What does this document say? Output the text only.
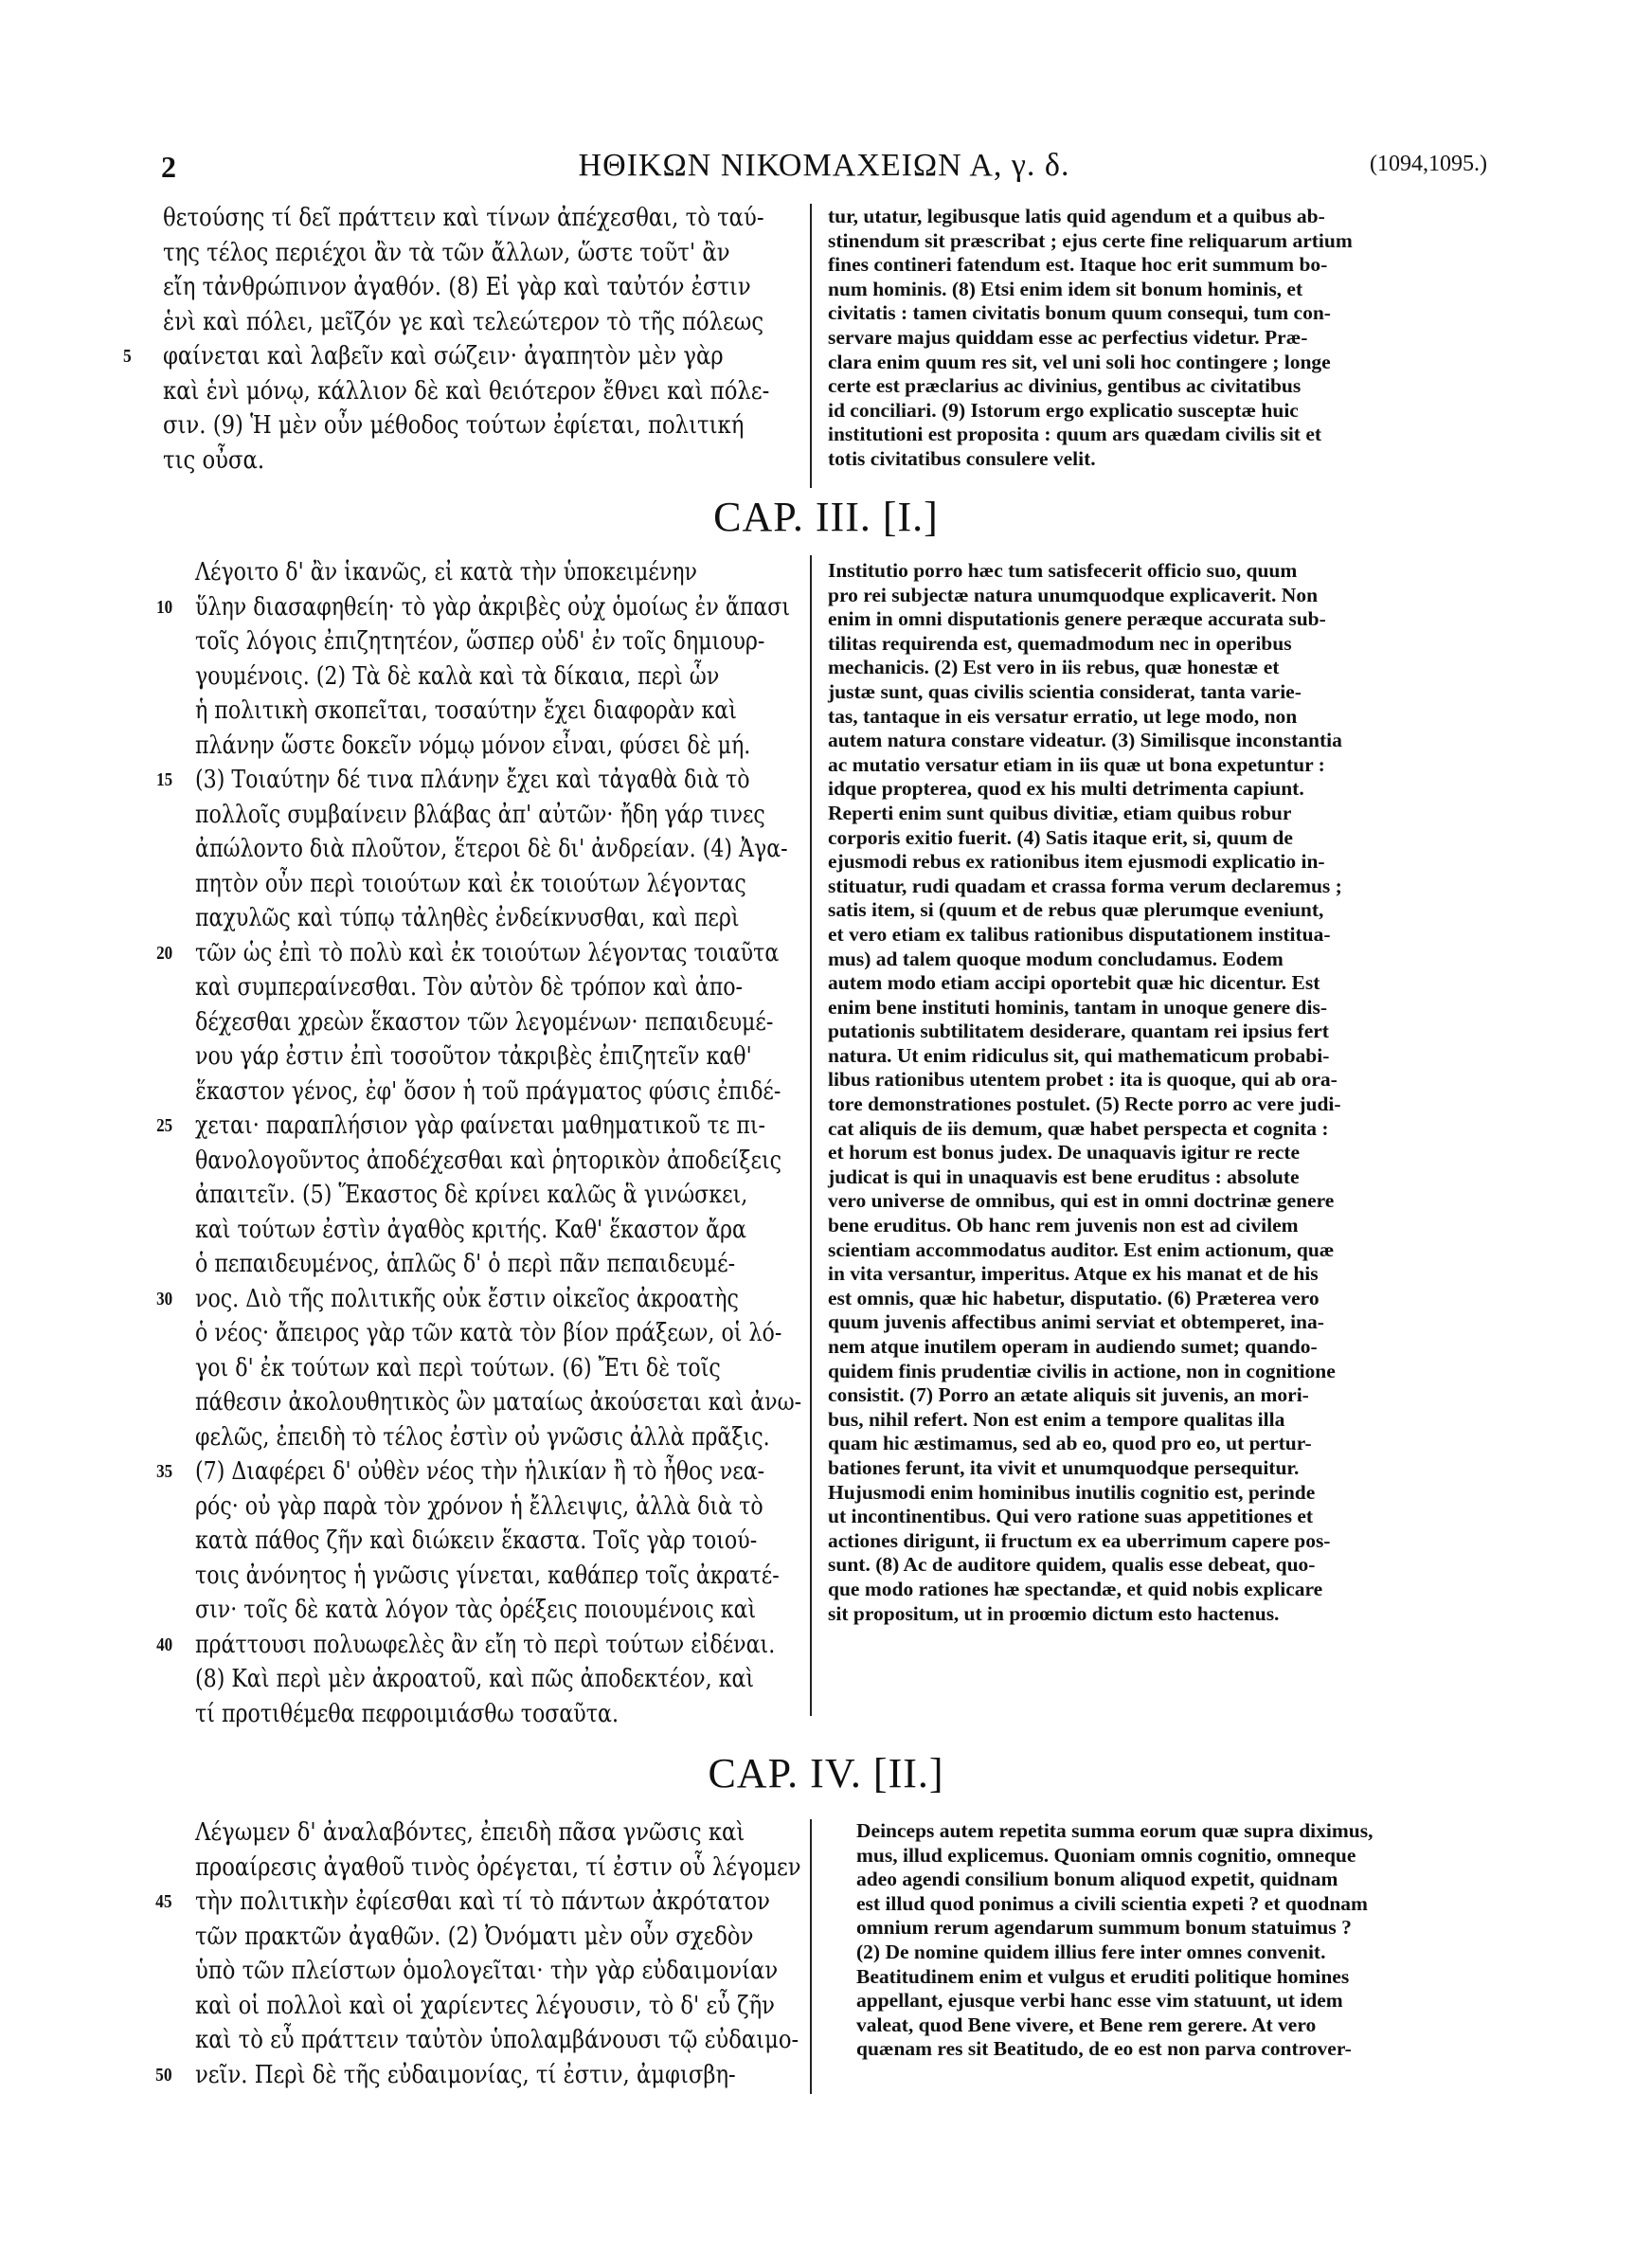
2	ΗΘΙΚΩΝ ΝΙΚΟΜΑΧΕΙΩΝ Α, γ. δ.	(1094,1095.)
θετούσης τί δεῖ πράττειν καὶ τίνων ἀπέχεσθαι, τὸ ταύ-
της τέλος περιέχοι ἂν τὰ τῶν ἄλλων, ὥστε τοῦτ' ἂν
εἴη τἀνθρώπινον ἀγαθόν. (8) Εἰ γὰρ καὶ ταὐτόν ἐστιν
ἑνὶ καὶ πόλει, μεῖζόν γε καὶ τελεώτερον τὸ τῆς πόλεως
5	φαίνεται καὶ λαβεῖν καὶ σώζειν· ἀγαπητὸν μὲν γὰρ
καὶ ἑνὶ μόνῳ, κάλλιον δὲ καὶ θειότερον ἔθνει καὶ πόλε-
σιν. (9) Ἡ μὲν οὖν μέθοδος τούτων ἐφίεται, πολιτική
τις οὖσα.
tur, utatur, legibusque latis quid agendum et a quibus ab-
stinendum sit præscribat ; ejus certe fine reliquarum artium
fines contineri fatendum est. Itaque hoc erit summum bo-
num hominis. (8) Etsi enim idem sit bonum hominis, et
civitatis : tamen civitatis bonum quum consequi, tum con-
servare majus quiddam esse ac perfectius videtur. Præ-
clara enim quum res sit, vel uni soli hoc contingere ; longe
certe est præclarius ac divinius, gentibus ac civitatibus
id conciliari. (9) Istorum ergo explicatio susceptæ huic
institutioni est proposita : quum ars quædam civilis sit et
totis civitatibus consulere velit.
CAP. III. [I.]
Λέγοιτο δ' ἂν ἱκανῶς, εἰ κατὰ τὴν ὑποκειμένην
10 ὕλην διασαφηθείη· τὸ γὰρ ἀκριβὲς οὐχ ὁμοίως ἐν ἅπασι
τοῖς λόγοις ἐπιζητητέον, ὥσπερ οὐδ' ἐν τοῖς δημιουρ-
γουμένοις. (2) Τὰ δὲ καλὰ καὶ τὰ δίκαια, περὶ ὧν
ἡ πολιτικὴ σκοπεῖται, τοσαύτην ἔχει διαφορὰν καὶ
πλάνην ὥστε δοκεῖν νόμῳ μόνον εἶναι, φύσει δὲ μή.
15 (3) Τοιαύτην δέ τινα πλάνην ἔχει καὶ τἀγαθὰ διὰ τὸ
πολλοῖς συμβαίνειν βλάβας ἀπ' αὐτῶν· ἤδη γάρ τινες
ἀπώλοντο διὰ πλοῦτον, ἕτεροι δὲ δι' ἀνδρείαν. (4) Ἀγα-
πητὸν οὖν περὶ τοιούτων καὶ ἐκ τοιούτων λέγοντας
παχυλῶς καὶ τύπῳ τἀληθὲς ἐνδείκνυσθαι, καὶ περὶ
20 τῶν ὡς ἐπὶ τὸ πολὺ καὶ ἐκ τοιούτων λέγοντας τοιαῦτα
καὶ συμπεραίνεσθαι. Τὸν αὐτὸν δὲ τρόπον καὶ ἀπο-
δέχεσθαι χρεὼν ἕκαστον τῶν λεγομένων· πεπαιδευμέ-
νου γάρ ἐστιν ἐπὶ τοσοῦτον τἀκριβὲς ἐπιζητεῖν καθ'
ἕκαστον γένος, ἐφ' ὅσον ἡ τοῦ πράγματος φύσις ἐπιδέ-
25 χεται· παραπλήσιον γὰρ φαίνεται μαθηματικοῦ τε πι-
θανολογοῦντος ἀποδέχεσθαι καὶ ῥητορικὸν ἀποδείξεις
ἀπαιτεῖν. (5) Ἕκαστος δὲ κρίνει καλῶς ἃ γινώσκει,
καὶ τούτων ἐστὶν ἀγαθὸς κριτής. Καθ' ἕκαστον ἄρα
ὁ πεπαιδευμένος, ἁπλῶς δ' ὁ περὶ πᾶν πεπαιδευμέ-
30 νος. Διὸ τῆς πολιτικῆς οὐκ ἔστιν οἰκεῖος ἀκροατὴς
ὁ νέος· ἄπειρος γὰρ τῶν κατὰ τὸν βίον πράξεων, οἱ λό-
γοι δ' ἐκ τούτων καὶ περὶ τούτων. (6) Ἔτι δὲ τοῖς
πάθεσιν ἀκολουθητικὸς ὢν ματαίως ἀκούσεται καὶ ἀνω-
φελῶς, ἐπειδὴ τὸ τέλος ἐστὶν οὐ γνῶσις ἀλλὰ πρᾶξις.
35 (7) Διαφέρει δ' οὐθὲν νέος τὴν ἡλικίαν ἢ τὸ ἦθος νεα-
ρός· οὐ γὰρ παρὰ τὸν χρόνον ἡ ἔλλειψις, ἀλλὰ διὰ τὸ
κατὰ πάθος ζῆν καὶ διώκειν ἕκαστα. Τοῖς γὰρ τοιού-
τοις ἀνόνητος ἡ γνῶσις γίνεται, καθάπερ τοῖς ἀκρατέ-
σιν· τοῖς δὲ κατὰ λόγον τὰς ὀρέξεις ποιουμένοις καὶ
40 πράττουσι πολυωφελὲς ἂν εἴη τὸ περὶ τούτων εἰδέναι.
(8) Καὶ περὶ μὲν ἀκροατοῦ, καὶ πῶς ἀποδεκτέον, καὶ
τί προτιθέμεθα πεφροιμιάσθω τοσαῦτα.
Institutio porro hæc tum satisfecerit officio suo, quum
pro rei subjectæ natura unumquodque explicaverit. Non
enim in omni disputationis genere peræque accurata sub-
tilitas requirenda est, quemadmodum nec in operibus
mechanicis. (2) Est vero in iis rebus, quæ honestæ et
justæ sunt, quas civilis scientia considerat, tanta varie-
tas, tantaque in eis versatur erratio, ut lege modo, non
autem natura constare videatur. (3) Similisque inconstantia
ac mutatio versatur etiam in iis quæ ut bona expetuntur :
idque propterea, quod ex his multi detrimenta capiunt.
Reperti enim sunt quibus divitiæ, etiam quibus robur
corporis exitio fuerit. (4) Satis itaque erit, si, quum de
ejusmodi rebus ex rationibus item ejusmodi explicatio in-
stituatur, rudi quadam et crassa forma verum declaremus ;
satis item, si (quum et de rebus quæ plerumque eveniunt,
et vero etiam ex talibus rationibus disputationem institua-
mus) ad talem quoque modum concludamus. Eodem
autem modo etiam accipi oportebit quæ hic dicentur. Est
enim bene instituti hominis, tantam in unoque genere dis-
putationis subtilitatem desiderare, quantam rei ipsius fert
natura. Ut enim ridiculus sit, qui mathematicum probabi-
libus rationibus utentem probet : ita is quoque, qui ab ora-
tore demonstrationes postulet. (5) Recte porro ac vere judi-
cat aliquis de iis demum, quæ habet perspecta et cognita :
et horum est bonus judex. De unaquavis igitur re recte
judicat is qui in unaquavis est bene eruditus : absolute
vero universe de omnibus, qui est in omni doctrinæ genere
bene eruditus. Ob hanc rem juvenis non est ad civilem
scientiam accommodatus auditor. Est enim actionum, quæ
in vita versantur, imperitus. Atque ex his manat et de his
est omnis, quæ hic habetur, disputatio. (6) Præterea vero
quum juvenis affectibus animi serviat et obtemperet, ina-
nem atque inutilem operam in audiendo sumet; quando-
quidem finis prudentiæ civilis in actione, non in cognitione
consistit. (7) Porro an ætate aliquis sit juvenis, an mori-
bus, nihil refert. Non est enim a tempore qualitas illa
quam hic æstimamus, sed ab eo, quod pro eo, ut pertur-
bationes ferunt, ita vivit et unumquodque persequitur.
Hujusmodi enim hominibus inutilis cognitio est, perinde
ut incontinentibus. Qui vero ratione suas appetitiones et
actiones dirigunt, ii fructum ex ea uberrimum capere pos-
sunt. (8) Ac de auditore quidem, qualis esse debeat, quo-
que modo rationes hæ spectandæ, et quid nobis explicare
sit propositum, ut in proœmio dictum esto hactenus.
CAP. IV. [II.]
Λέγωμεν δ' ἀναλαβόντες, ἐπειδὴ πᾶσα γνῶσις καὶ
προαίρεσις ἀγαθοῦ τινὸς ὀρέγεται, τί ἐστιν οὗ λέγομεν
45 τὴν πολιτικὴν ἐφίεσθαι καὶ τί τὸ πάντων ἀκρότατον
τῶν πρακτῶν ἀγαθῶν. (2) Ὀνόματι μὲν οὖν σχεδὸν
ὑπὸ τῶν πλείστων ὁμολογεῖται· τὴν γὰρ εὐδαιμονίαν
καὶ οἱ πολλοὶ καὶ οἱ χαρίεντες λέγουσιν, τὸ δ' εὖ ζῆν
καὶ τὸ εὖ πράττειν ταὐτὸν ὑπολαμβάνουσι τῷ εὐδαιμο-
50 νεῖν. Περὶ δὲ τῆς εὐδαιμονίας, τί ἐστιν, ἀμφισβη-
Deinceps autem repetita summa eorum quæ supra diximus,
mus, illud explicemus. Quoniam omnis cognitio, omneque
adeo agendi consilium bonum aliquod expetit, quidnam
est illud quod ponimus a civili scientia expeti ? et quodnam
omnium rerum agendarum summum bonum statuimus ?
(2) De nomine quidem illius fere inter omnes convenit.
Beatitudinem enim et vulgus et eruditi politique homines
appellant, ejusque verbi hanc esse vim statuunt, ut idem
valeat, quod Bene vivere, et Bene rem gerere. At vero
quænam res sit Beatitudo, de eo est non parva controver-
